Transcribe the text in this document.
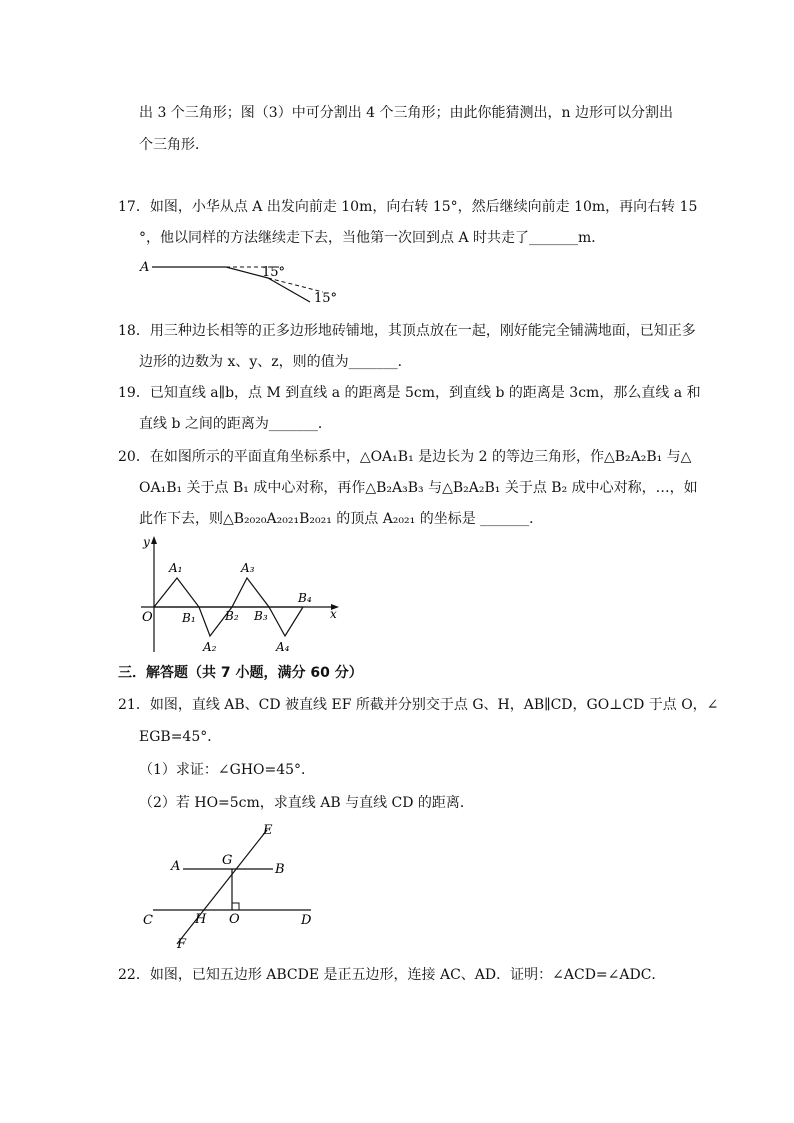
出 3 个三角形；图（3）中可分割出 4 个三角形；由此你能猜测出，n 边形可以分割出
个三角形．
17．如图，小华从点 A 出发向前走 10m，向右转 15°，然后继续向前走 10m，再向右转 15
°，他以同样的方法继续走下去，当他第一次回到点 A 时共走了_______m．
A	15°
15°
18．用三种边长相等的正多边形地砖铺地，其顶点放在一起，刚好能完全铺满地面，已知正多
边形的边数为 x、y、z，则的值为_______．
19．已知直线 a∥b，点 M 到直线 a 的距离是 5cm，到直线 b 的距离是 3cm，那么直线 a 和
直线 b 之间的距离为_______．
20．在如图所示的平面直角坐标系中，△OA₁B₁ 是边长为 2 的等边三角形，作△B₂A₂B₁ 与△
OA₁B₁ 关于点 B₁ 成中心对称，再作△B₂A₃B₃ 与△B₂A₂B₁ 关于点 B₂ 成中心对称，…，如
此作下去，则△B₂₀₂₀A₂₀₂₁B₂₀₂₁ 的顶点 A₂₀₂₁ 的坐标是 _______．
y
x
O
A₁	A₃
A₂	A₄
B₁ B₂ B₃
B₄
三．解答题（共 7 小题，满分 60 分）
21．如图，直线 AB、CD 被直线 EF 所截并分别交于点 G、H，AB∥CD，GO⊥CD 于点 O，∠
EGB=45°．
（1）求证：∠GHO=45°．
（2）若 HO=5cm，求直线 AB 与直线 CD 的距离．
E
G
A	B
C	H O	D
F
22．如图，已知五边形 ABCDE 是正五边形，连接 AC、AD．证明：∠ACD=∠ADC．
